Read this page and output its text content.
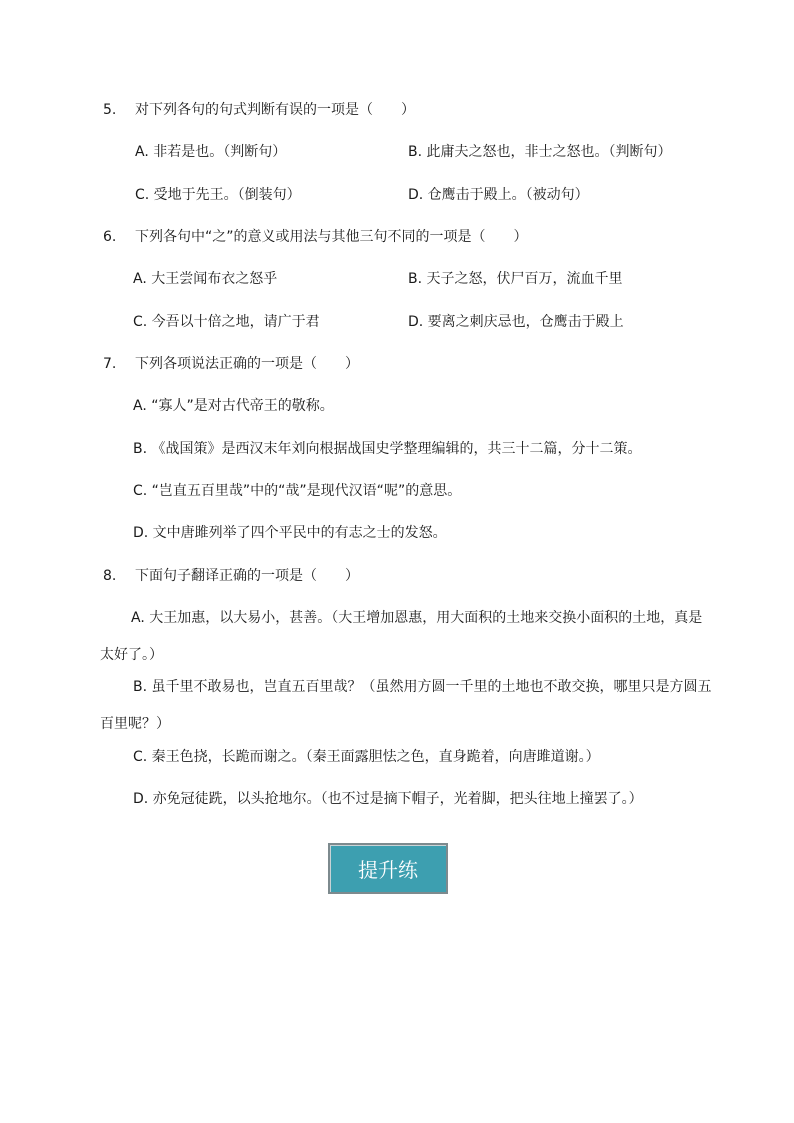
5. 对下列各句的句式判断有误的一项是（　　）
A. 非若是也。（判断句）	B. 此庸夫之怒也，非士之怒也。（判断句）
C. 受地于先王。（倒装句）	D. 仓鹰击于殿上。（被动句）
6. 下列各句中“之”的意义或用法与其他三句不同的一项是（　　）
A. 大王尝闻布衣之怒乎	B. 天子之怒，伏尸百万，流血千里
C. 今吾以十倍之地，请广于君	D. 要离之刺庆忌也，仓鹰击于殿上
7. 下列各项说法正确的一项是（　　）
A. “寡人”是对古代帝王的敬称。
B. 《战国策》是西汉末年刘向根据战国史学整理编辑的，共三十二篇，分十二策。
C. “岂直五百里哉”中的“哉”是现代汉语“呢”的意思。
D. 文中唐雎列举了四个平民中的有志之士的发怒。
8. 下面句子翻译正确的一项是（　　）
A. 大王加惠，以大易小，甚善。（大王增加恩惠，用大面积的土地来交换小面积的土地，真是
太好了。）
B. 虽千里不敢易也，岂直五百里哉？（虽然用方圆一千里的土地也不敢交换，哪里只是方圆五
百里呢？）
C. 秦王色挠，长跪而谢之。（秦王面露胆怯之色，直身跪着，向唐雎道谢。）
D. 亦免冠徒跣，以头抢地尔。（也不过是摘下帽子，光着脚，把头往地上撞罢了。）
提升练
